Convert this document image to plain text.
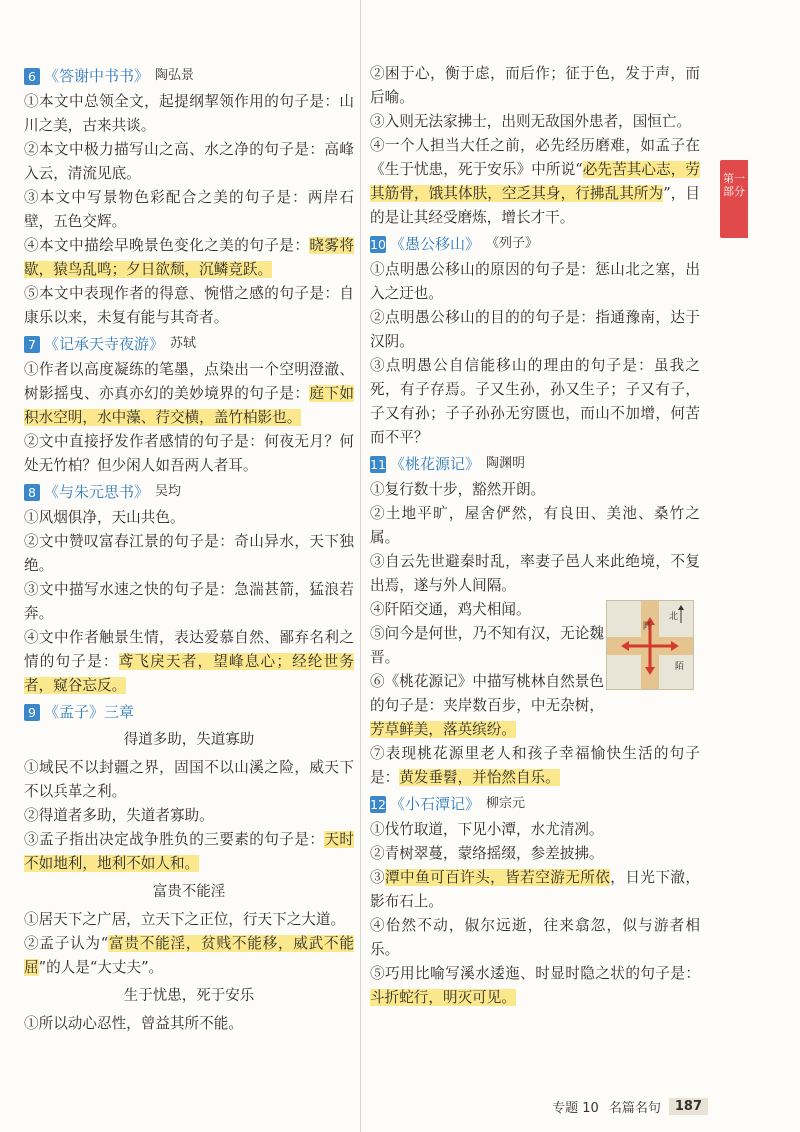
第一部分
6 《答谢中书书》 陶弘景
①本文中总领全文，起提纲挈领作用的句子是：山川之美，古来共谈。
②本文中极力描写山之高、水之净的句子是：高峰入云，清流见底。
③本文中写景物色彩配合之美的句子是：两岸石壁，五色交辉。
④本文中描绘早晚景色变化之美的句子是：晓雾将歇，猿鸟乱鸣；夕日欲颓，沉鳞竞跃。
⑤本文中表现作者的得意、惋惜之感的句子是：自康乐以来，未复有能与其奇者。
7 《记承天寺夜游》 苏轼
①作者以高度凝练的笔墨，点染出一个空明澄澈、树影摇曳、亦真亦幻的美妙境界的句子是：庭下如积水空明，水中藻、荇交横，盖竹柏影也。
②文中直接抒发作者感情的句子是：何夜无月？何处无竹柏？但少闲人如吾两人者耳。
8 《与朱元思书》 吴均
①风烟俱净，天山共色。
②文中赞叹富春江景的句子是：奇山异水，天下独绝。
③文中描写水速之快的句子是：急湍甚箭，猛浪若奔。
④文中作者触景生情，表达爱慕自然、鄙弃名利之情的句子是：鸢飞戾天者，望峰息心；经纶世务者，窥谷忘反。
9 《孟子》三章
得道多助，失道寡助
①域民不以封疆之界，固国不以山溪之险，威天下不以兵革之利。
②得道者多助，失道者寡助。
③孟子指出决定战争胜负的三要素的句子是：天时不如地利，地利不如人和。
富贵不能淫
①居天下之广居，立天下之正位，行天下之大道。
②孟子认为“富贵不能淫，贫贱不能移，威武不能屈”的人是“大丈夫”。
生于忧患，死于安乐
①所以动心忍性，曾益其所不能。
②困于心，衡于虑，而后作；征于色，发于声，而后喻。
③入则无法家拂士，出则无敌国外患者，国恒亡。
④一个人担当大任之前，必先经历磨难，如孟子在《生于忧患，死于安乐》中所说“必先苦其心志，劳其筋骨，饿其体肤，空乏其身，行拂乱其所为”，目的是让其经受磨炼，增长才干。
10 《愚公移山》 《列子》
①点明愚公移山的原因的句子是：惩山北之塞，出入之迂也。
②点明愚公移山的目的的句子是：指通豫南，达于汉阴。
③点明愚公自信能移山的理由的句子是：虽我之死，有子存焉。子又生孙，孙又生子；子又有子，子又有孙；子子孙孙无穷匮也，而山不加增，何苦而不平？
11 《桃花源记》 陶渊明
①复行数十步，豁然开朗。
②土地平旷，屋舍俨然，有良田、美池、桑竹之属。
③自云先世避秦时乱，率妻子邑人来此绝境，不复出焉，遂与外人间隔。
④阡陌交通，鸡犬相闻。
⑤问今是何世，乃不知有汉，无论魏晋。
⑥《桃花源记》中描写桃林自然景色的句子是：夹岸数百步，中无杂树，芳草鲜美，落英缤纷。
⑦表现桃花源里老人和孩子幸福愉快生活的句子是：黄发垂髫，并怡然自乐。
北
阡
陌
12 《小石潭记》 柳宗元
①伐竹取道，下见小潭，水尤清冽。
②青树翠蔓，蒙络摇缀，参差披拂。
③潭中鱼可百许头，皆若空游无所依，日光下澈，影布石上。
④佁然不动，俶尔远逝，往来翕忽，似与游者相乐。
⑤巧用比喻写溪水逶迤、时显时隐之状的句子是：斗折蛇行，明灭可见。
专题 10 名篇名句	187
